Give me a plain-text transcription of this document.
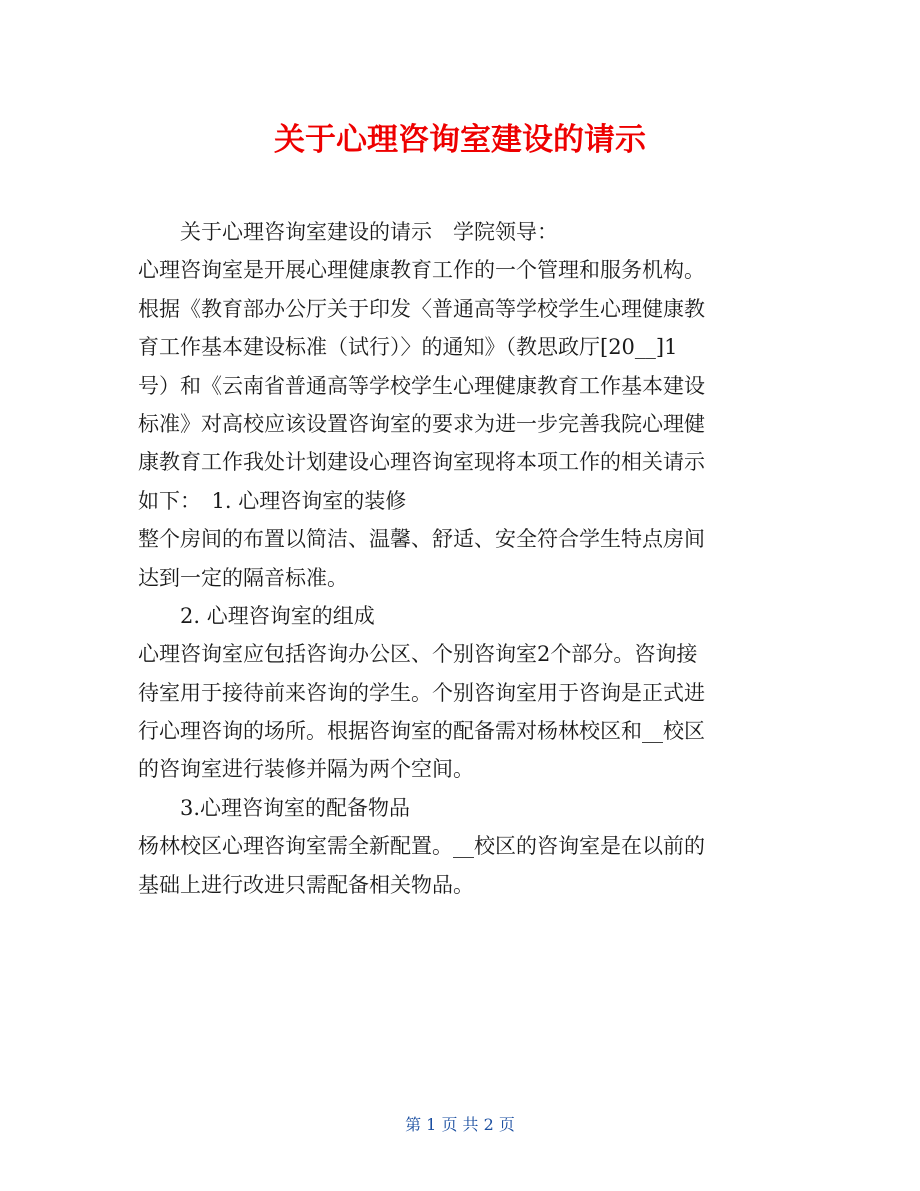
关于心理咨询室建设的请示
关于心理咨询室建设的请示　学院领导：
心理咨询室是开展心理健康教育工作的一个管理和服务机构。
根据《教育部办公厅关于印发〈普通高等学校学生心理健康教
育工作基本建设标准（试行）〉的通知》（教思政厅[20__]1
号）和《云南省普通高等学校学生心理健康教育工作基本建设
标准》对高校应该设置咨询室的要求为进一步完善我院心理健
康教育工作我处计划建设心理咨询室现将本项工作的相关请示
如下：　1. 心理咨询室的装修
整个房间的布置以简洁、温馨、舒适、安全符合学生特点房间
达到一定的隔音标准。
2. 心理咨询室的组成
心理咨询室应包括咨询办公区、个别咨询室2个部分。咨询接
待室用于接待前来咨询的学生。个别咨询室用于咨询是正式进
行心理咨询的场所。根据咨询室的配备需对杨林校区和__校区
的咨询室进行装修并隔为两个空间。
3.心理咨询室的配备物品
杨林校区心理咨询室需全新配置。__校区的咨询室是在以前的
基础上进行改进只需配备相关物品。
第 1 页 共 2 页
